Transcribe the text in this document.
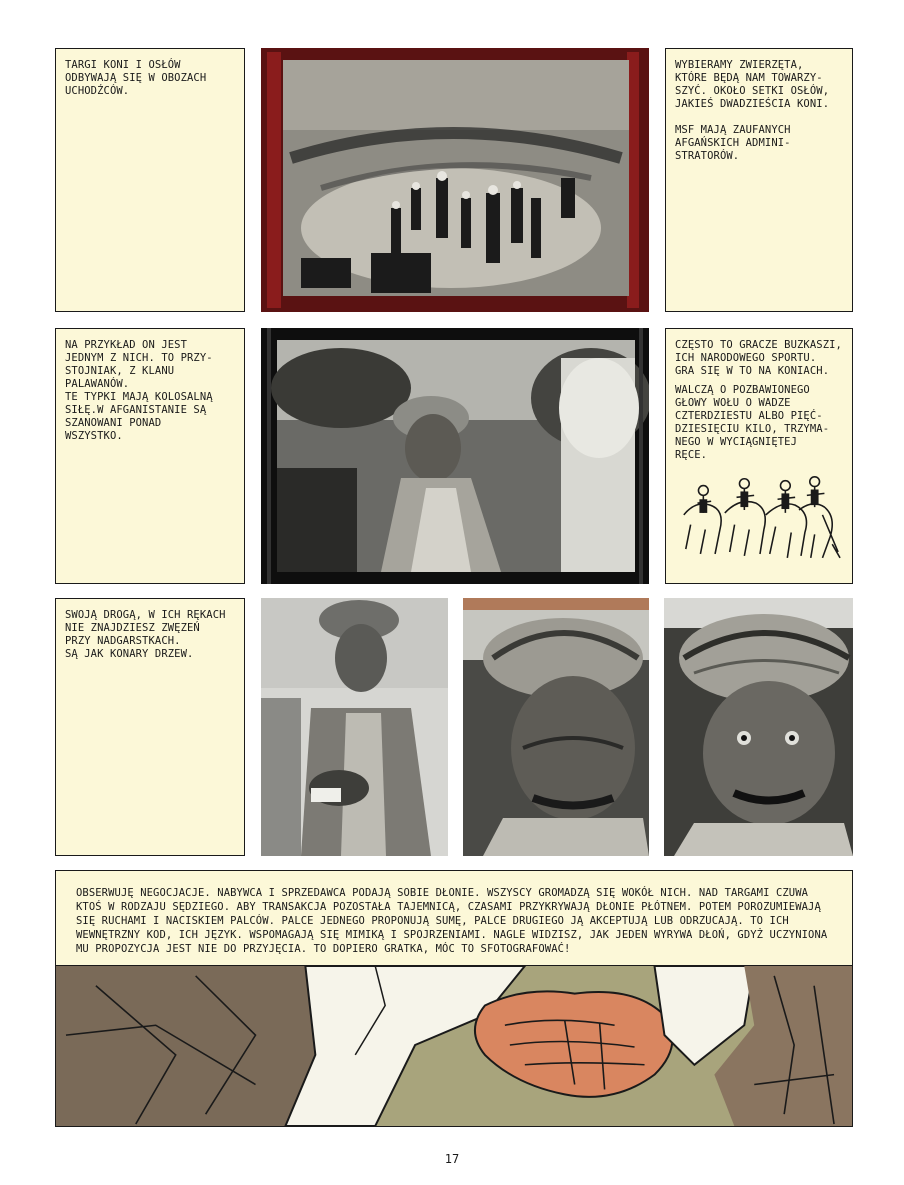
TARGI KONI I OSŁÓW
ODBYWAJĄ SIĘ W OBOZACH
UCHODŹCÓW.
WYBIERAMY ZWIERZĘTA,
KTÓRE BĘDĄ NAM TOWARZY-
SZYĆ. OKOŁO SETKI OSŁÓW,
JAKIEŚ DWADZIEŚCIA KONI.

MSF MAJĄ ZAUFANYCH
AFGAŃSKICH ADMINI-
STRATORÓW.
NA PRZYKŁAD ON JEST
JEDNYM Z NICH. TO PRZY-
STOJNIAK, Z KLANU
PALAWANÓW.
TE TYPKI MAJĄ KOLOSALNĄ
SIŁĘ.W AFGANISTANIE SĄ
SZANOWANI PONAD
WSZYSTKO.
CZĘSTO TO GRACZE BUZKASZI,
ICH NARODOWEGO SPORTU.
GRA SIĘ W TO NA KONIACH.
WALCZĄ O POZBAWIONEGO
GŁOWY WOŁU O WADZE
CZTERDZIESTU ALBO PIĘĆ-
DZIESIĘCIU KILO, TRZYMA-
NEGO W WYCIĄGNIĘTEJ
RĘCE.
SWOJĄ DROGĄ, W ICH RĘKACH
NIE ZNAJDZIESZ ZWĘZEŃ
PRZY NADGARSTKACH.
SĄ JAK KONARY DRZEW.
OBSERWUJĘ NEGOCJACJE. NABYWCA I SPRZEDAWCA PODAJĄ SOBIE DŁONIE. WSZYSCY GROMADZĄ SIĘ WOKÓŁ NICH. NAD TARGAMI CZUWA KTOŚ W RODZAJU SĘDZIEGO. ABY TRANSAKCJA POZOSTAŁA TAJEMNICĄ, CZASAMI PRZYKRYWAJĄ DŁONIE PŁÓTNEM. POTEM POROZUMIEWAJĄ SIĘ RUCHAMI I NACISKIEM PALCÓW. PALCE JEDNEGO PROPONUJĄ SUMĘ, PALCE DRUGIEGO JĄ AKCEPTUJĄ LUB ODRZUCAJĄ. TO ICH WEWNĘTRZNY KOD, ICH JĘZYK. WSPOMAGAJĄ SIĘ MIMIKĄ I SPOJRZENIAMI. NAGLE WIDZISZ, JAK JEDEN WYRYWA DŁOŃ, GDYŻ UCZYNIONA MU PROPOZYCJA JEST NIE DO PRZYJĘCIA. TO DOPIERO GRATKA, MÓC TO SFOTOGRAFOWAĆ!
17
